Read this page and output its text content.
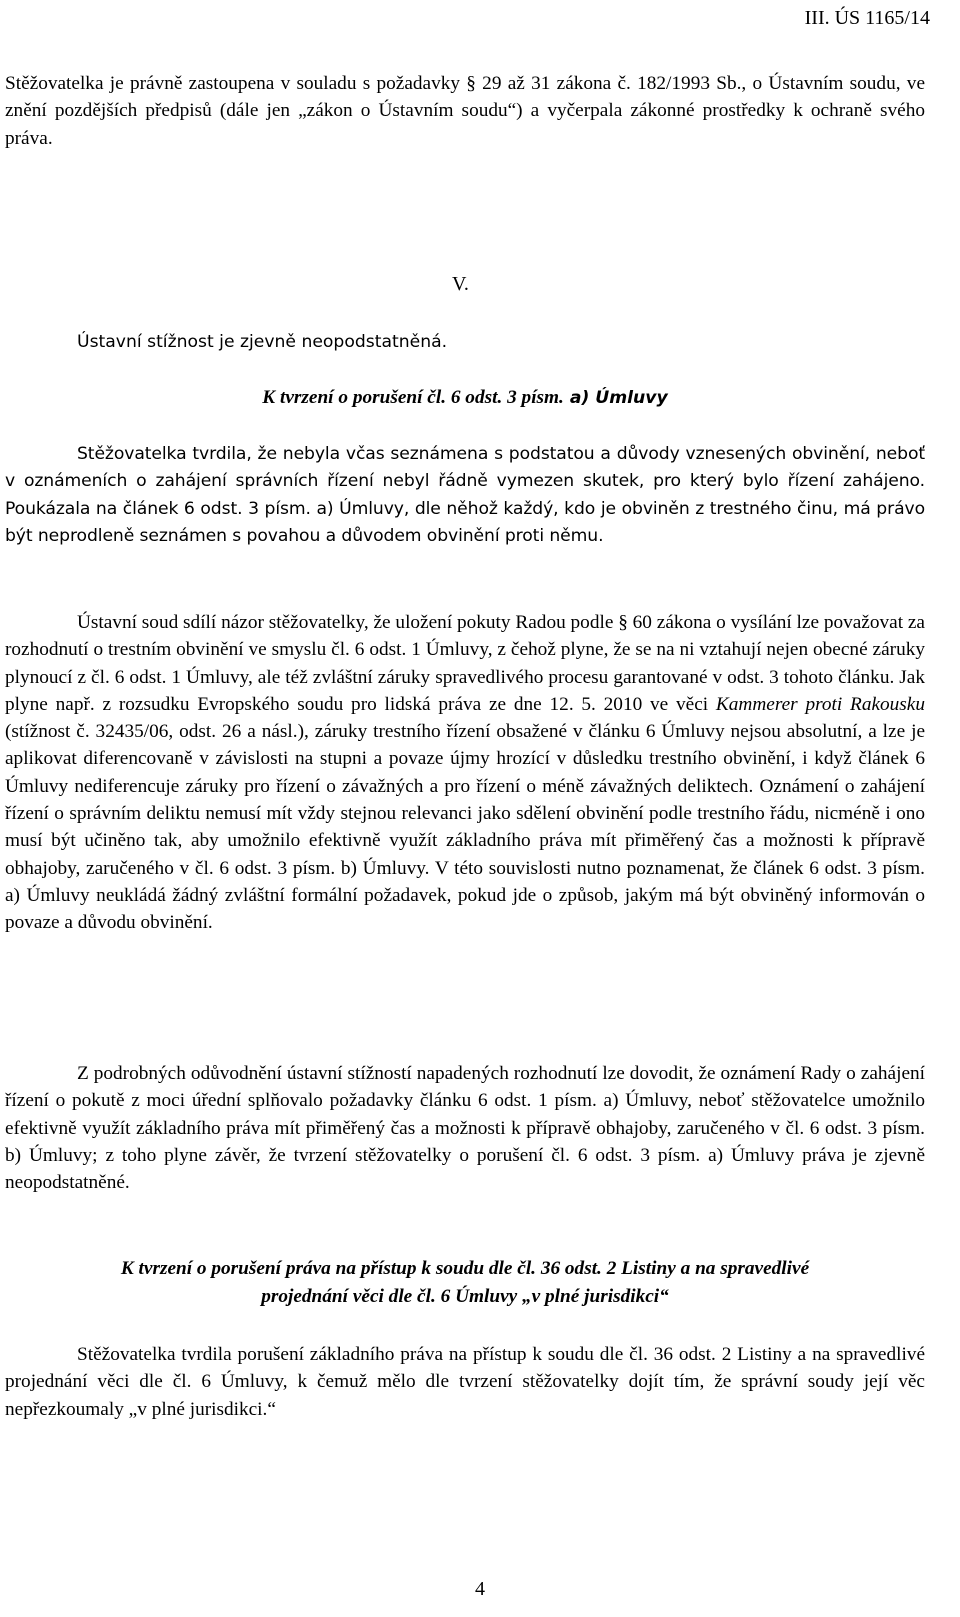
III. ÚS 1165/14

Stěžovatelka je právně zastoupena v souladu s požadavky § 29 až 31 zákona č. 182/1993 Sb., o Ústavním soudu, ve znění pozdějších předpisů (dále jen „zákon o Ústavním soudu“) a vyčerpala zákonné prostředky k ochraně svého práva.

V.
Ústavní stížnost je zjevně neopodstatněná.
K tvrzení o porušení čl. 6 odst. 3 písm. a) Úmluvy

Stěžovatelka tvrdila, že nebyla včas seznámena s podstatou a důvody vznesených obvinění, neboť v oznámeních o zahájení správních řízení nebyl řádně vymezen skutek, pro který bylo řízení zahájeno. Poukázala na článek 6 odst. 3 písm. a) Úmluvy, dle něhož každý, kdo je obviněn z trestného činu, má právo být neprodleně seznámen s povahou a důvodem obvinění proti němu.

Ústavní soud sdílí názor stěžovatelky, že uložení pokuty Radou podle § 60 zákona o vysílání lze považovat za rozhodnutí o trestním obvinění ve smyslu čl. 6 odst. 1 Úmluvy, z čehož plyne, že se na ni vztahují nejen obecné záruky plynoucí z čl. 6 odst. 1 Úmluvy, ale též zvláštní záruky spravedlivého procesu garantované v odst. 3 tohoto článku. Jak plyne např. z rozsudku Evropského soudu pro lidská práva ze dne 12. 5. 2010 ve věci Kammerer proti Rakousku (stížnost č. 32435/06, odst. 26 a násl.), záruky trestního řízení obsažené v článku 6 Úmluvy nejsou absolutní, a lze je aplikovat diferencovaně v závislosti na stupni a povaze újmy hrozící v důsledku trestního obvinění, i když článek 6 Úmluvy nediferencuje záruky pro řízení o závažných a pro řízení o méně závažných deliktech. Oznámení o zahájení řízení o správním deliktu nemusí mít vždy stejnou relevanci jako sdělení obvinění podle trestního řádu, nicméně i ono musí být učiněno tak, aby umožnilo efektivně využít základního práva mít přiměřený čas a možnosti k přípravě obhajoby, zaručeného v čl. 6 odst. 3 písm. b) Úmluvy. V této souvislosti nutno poznamenat, že článek 6 odst. 3 písm. a) Úmluvy neukládá žádný zvláštní formální požadavek, pokud jde o způsob, jakým má být obviněný informován o povaze a důvodu obvinění.

Z podrobných odůvodnění ústavní stížností napadených rozhodnutí lze dovodit, že oznámení Rady o zahájení řízení o pokutě z moci úřední splňovalo požadavky článku 6 odst. 1 písm. a) Úmluvy, neboť stěžovatelce umožnilo efektivně využít základního práva mít přiměřený čas a možnosti k přípravě obhajoby, zaručeného v čl. 6 odst. 3 písm. b) Úmluvy; z toho plyne závěr, že tvrzení stěžovatelky o porušení čl. 6 odst. 3 písm. a) Úmluvy práva je zjevně neopodstatněné.

K tvrzení o porušení práva na přístup k soudu dle čl. 36 odst. 2 Listiny a na spravedlivé
projednání věci dle čl. 6 Úmluvy „v plné jurisdikci“

Stěžovatelka tvrdila porušení základního práva na přístup k soudu dle čl. 36 odst. 2 Listiny a na spravedlivé projednání věci dle čl. 6 Úmluvy, k čemuž mělo dle tvrzení stěžovatelky dojít tím, že správní soudy její věc nepřezkoumaly „v plné jurisdikci.“

4
